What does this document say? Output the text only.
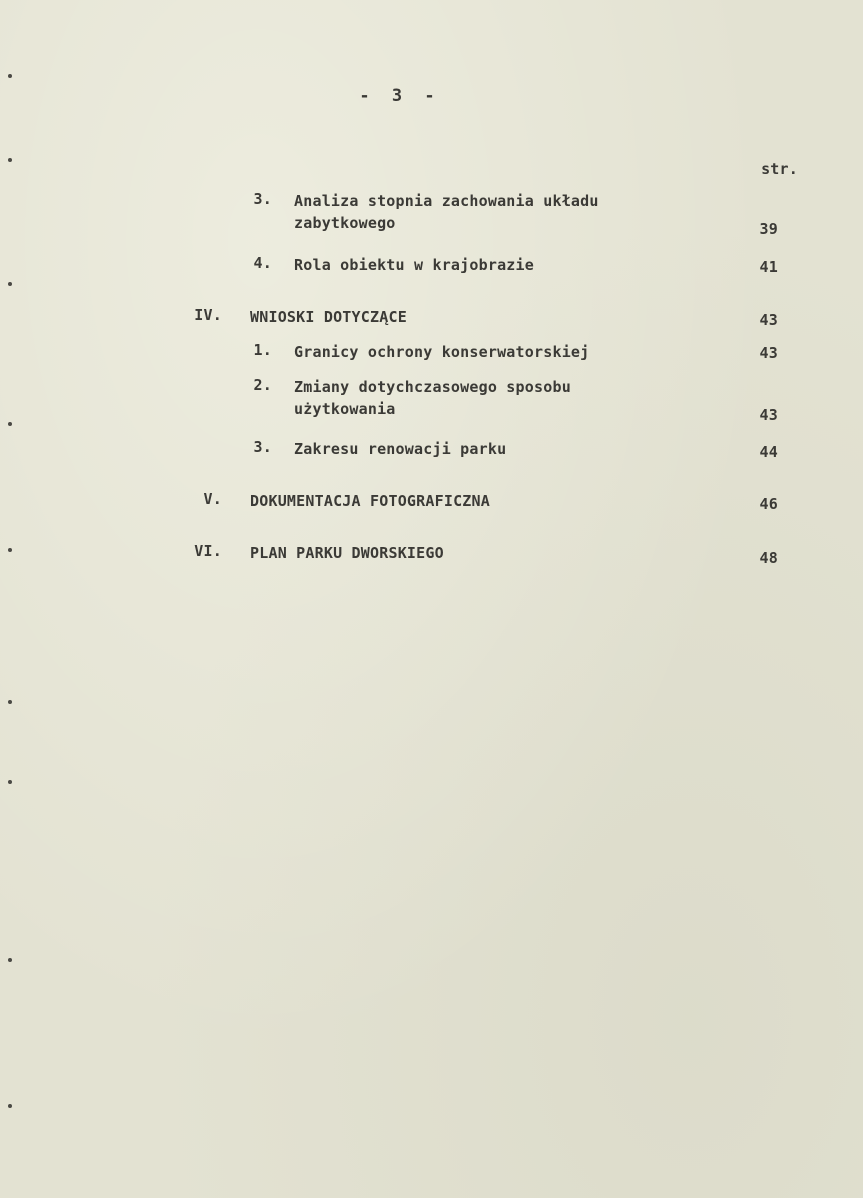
- 3 -
str.
3. Analiza stopnia zachowania układu zabytkowego	39
4. Rola obiektu w krajobrazie	41
IV. WNIOSKI DOTYCZĄCE	43
1. Granicy ochrony konserwatorskiej	43
2. Zmiany dotychczasowego sposobu użytkowania	43
3. Zakresu renowacji parku	44
V. DOKUMENTACJA FOTOGRAFICZNA	46
VI. PLAN PARKU DWORSKIEGO	48
